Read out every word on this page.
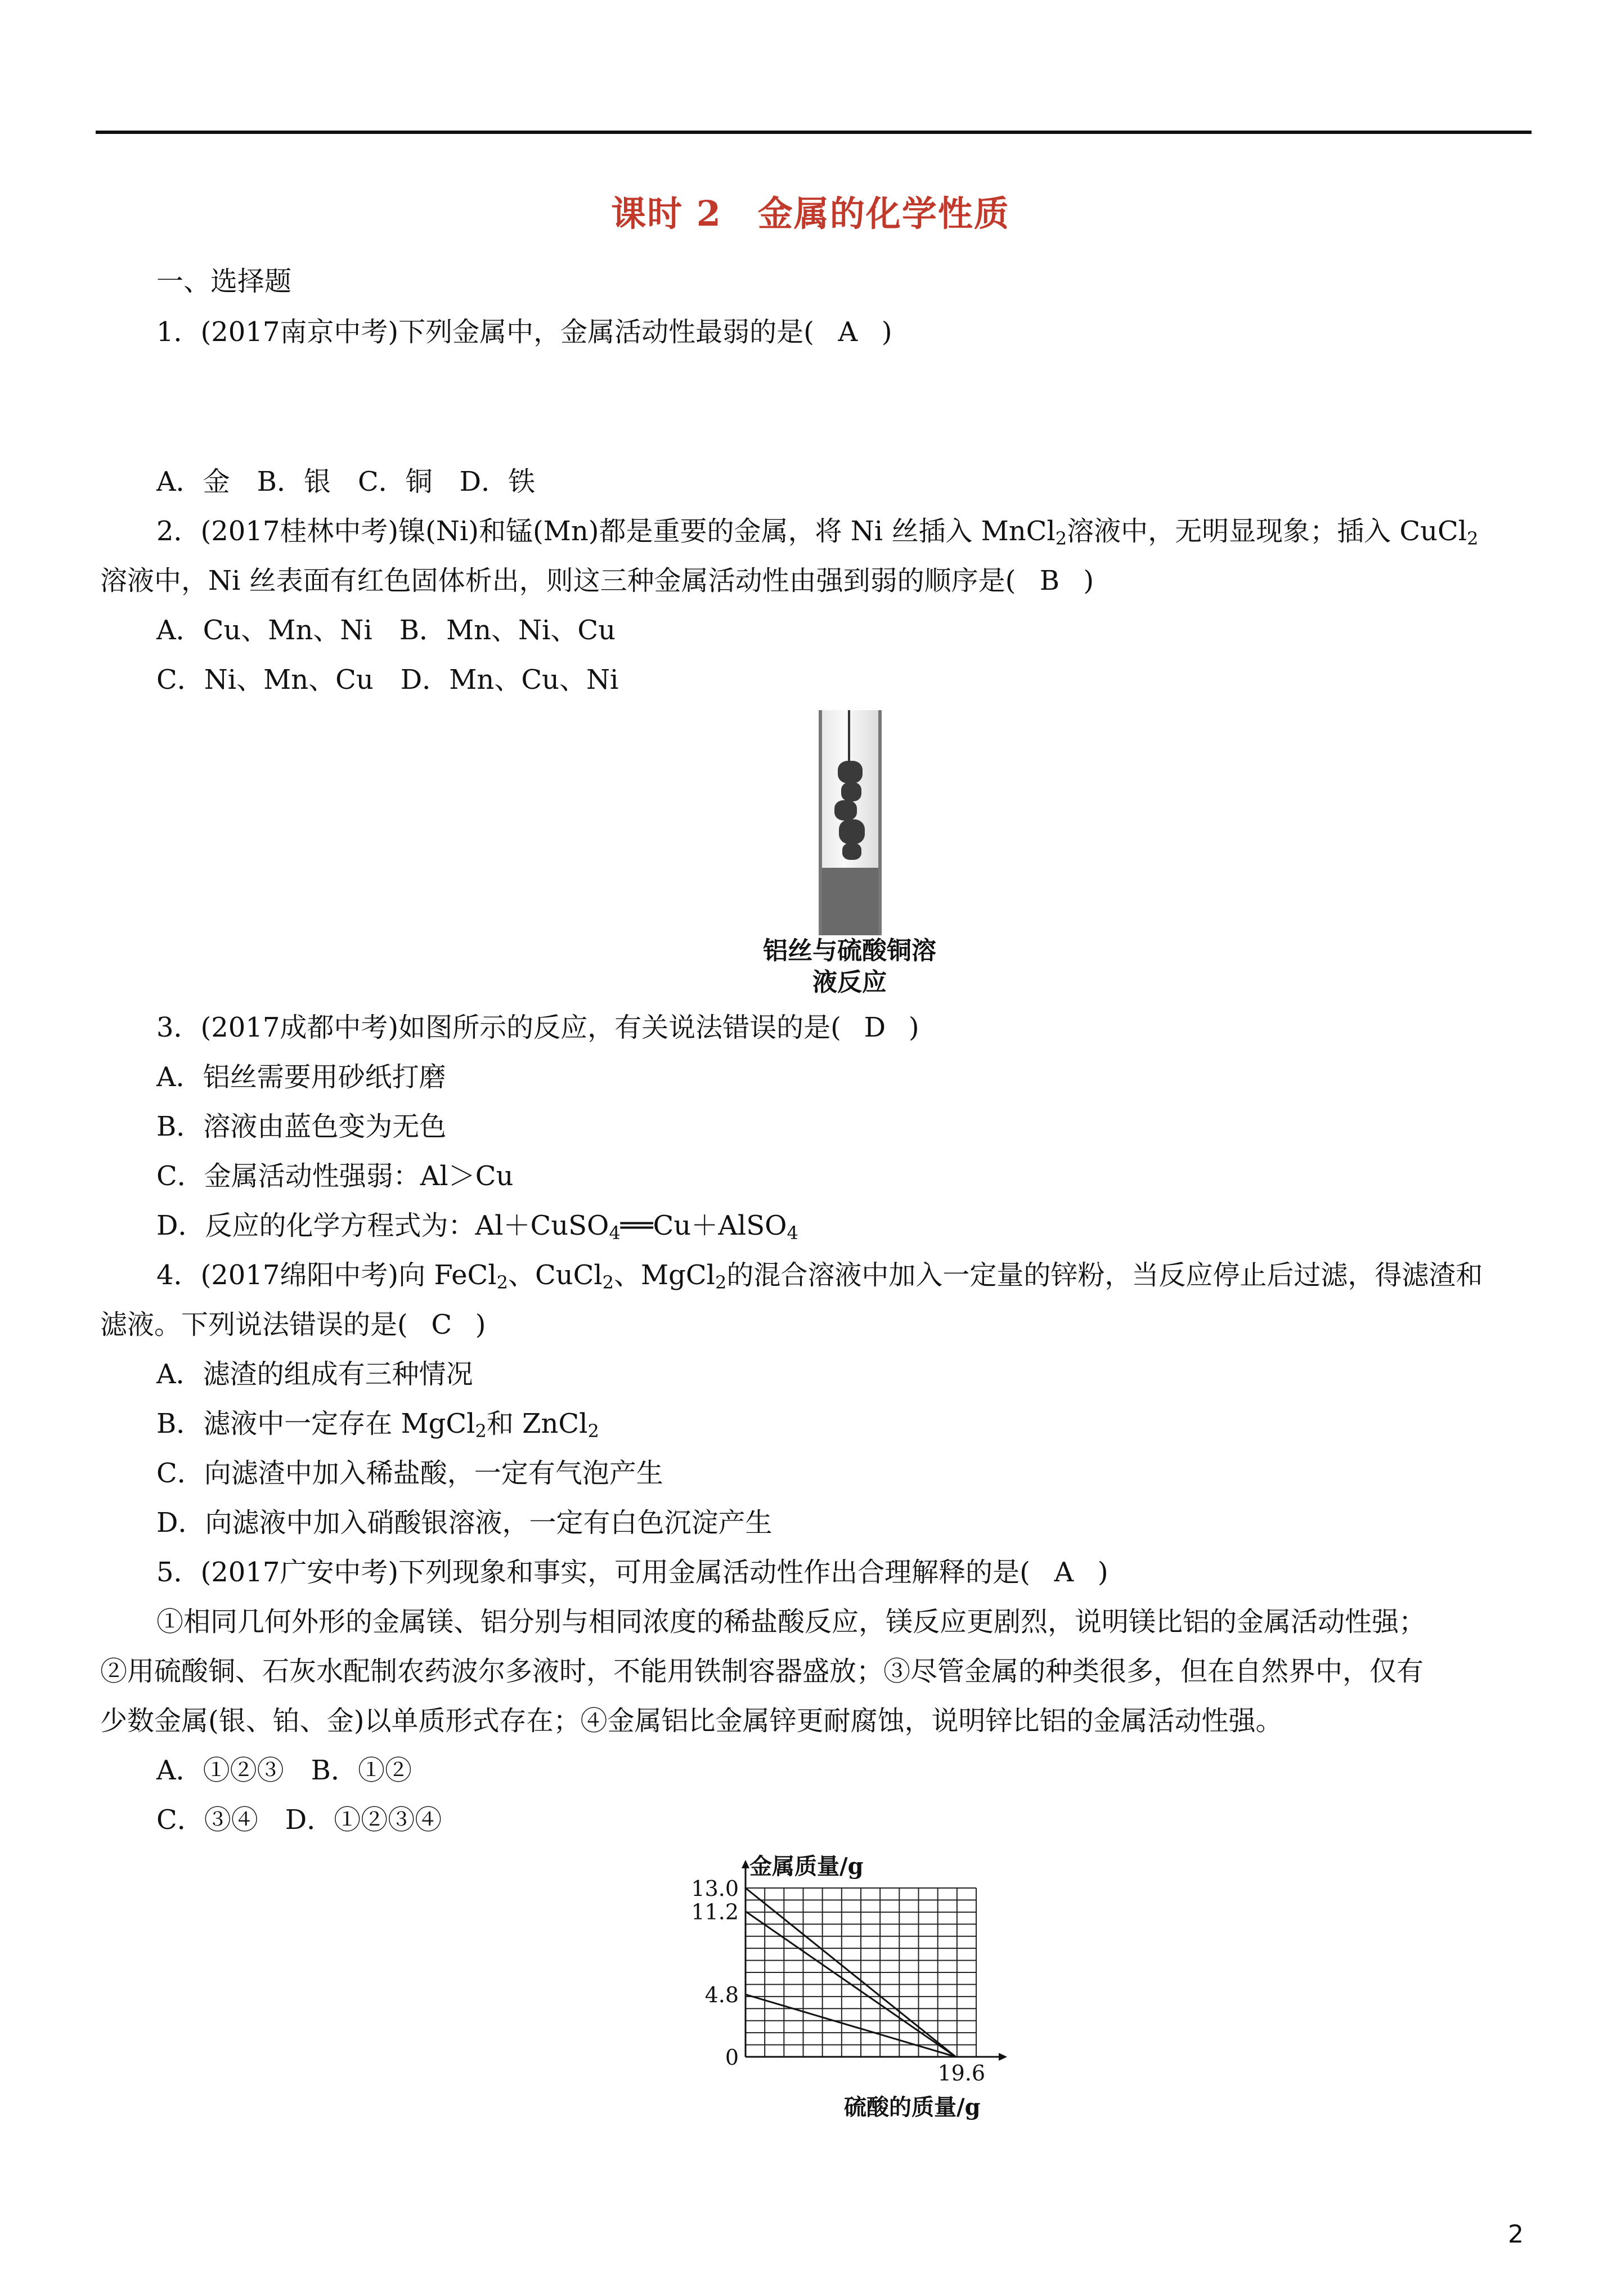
课时 2　金属的化学性质
一、选择题
1．(2017南京中考)下列金属中，金属活动性最弱的是( A )
A．金　B．银　C．铜　D．铁
2．(2017桂林中考)镍(Ni)和锰(Mn)都是重要的金属，将 Ni 丝插入 MnCl$_2$溶液中，无明显现象；插入 CuCl$_2$
溶液中，Ni 丝表面有红色固体析出，则这三种金属活动性由强到弱的顺序是( B )
A．Cu、Mn、Ni　B．Mn、Ni、Cu
C．Ni、Mn、Cu　D．Mn、Cu、Ni
铝丝与硫酸铜溶
液反应
3．(2017成都中考)如图所示的反应，有关说法错误的是( D )
A．铝丝需要用砂纸打磨
B．溶液由蓝色变为无色
C．金属活动性强弱：Al＞Cu
D．反应的化学方程式为：Al＋CuSO$_4$══Cu＋AlSO$_4$
4．(2017绵阳中考)向 FeCl$_2$、CuCl$_2$、MgCl$_2$的混合溶液中加入一定量的锌粉，当反应停止后过滤，得滤渣和
滤液。下列说法错误的是( C )
A．滤渣的组成有三种情况
B．滤液中一定存在 MgCl$_2$和 ZnCl$_2$
C．向滤渣中加入稀盐酸，一定有气泡产生
D．向滤液中加入硝酸银溶液，一定有白色沉淀产生
5．(2017广安中考)下列现象和事实，可用金属活动性作出合理解释的是( A )
①相同几何外形的金属镁、铝分别与相同浓度的稀盐酸反应，镁反应更剧烈，说明镁比铝的金属活动性强；
②用硫酸铜、石灰水配制农药波尔多液时，不能用铁制容器盛放；③尽管金属的种类很多，但在自然界中，仅有
少数金属(银、铂、金)以单质形式存在；④金属铝比金属锌更耐腐蚀，说明锌比铝的金属活动性强。
A．①②③　B．①②
C．③④　D．①②③④
0
4.8
11.2
13.0
19.6
金属质量/g
硫酸的质量/g
2
